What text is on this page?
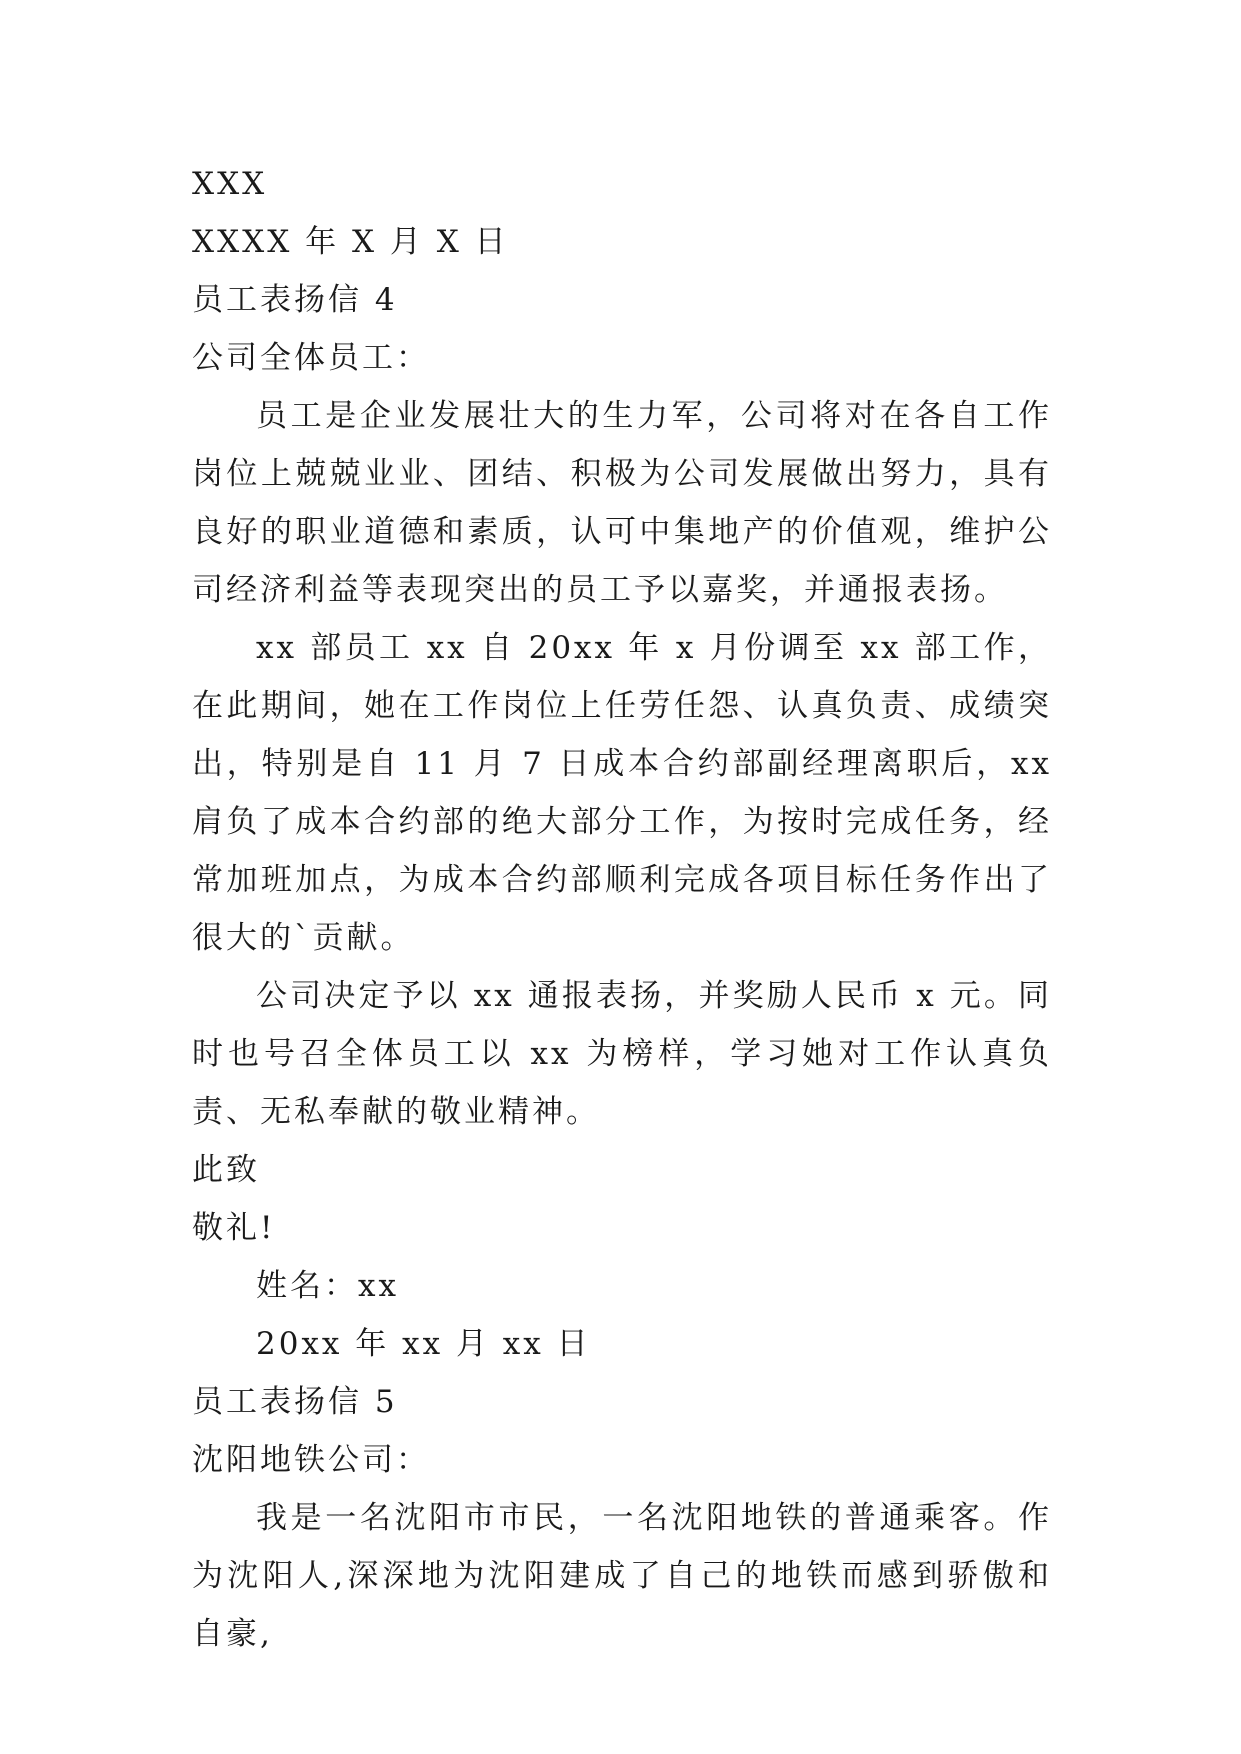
XXX
XXXX 年 X 月 X 日
员工表扬信 4
公司全体员工：

员工是企业发展壮大的生力军，公司将对在各自工作岗位上兢兢业业、团结、积极为公司发展做出努力，具有良好的职业道德和素质，认可中集地产的价值观，维护公司经济利益等表现突出的员工予以嘉奖，并通报表扬。

xx 部员工 xx 自 20xx 年 x 月份调至 xx 部工作，在此期间，她在工作岗位上任劳任怨、认真负责、成绩突出，特别是自 11 月 7 日成本合约部副经理离职后，xx 肩负了成本合约部的绝大部分工作，为按时完成任务，经常加班加点，为成本合约部顺利完成各项目标任务作出了很大的`贡献。

公司决定予以 xx 通报表扬，并奖励人民币 x 元。同时也号召全体员工以 xx 为榜样，学习她对工作认真负责、无私奉献的敬业精神。

此致
敬礼!
姓名：xx
20xx 年 xx 月 xx 日
员工表扬信 5
沈阳地铁公司：

我是一名沈阳市市民，一名沈阳地铁的普通乘客。作为沈阳人,深深地为沈阳建成了自己的地铁而感到骄傲和自豪,
